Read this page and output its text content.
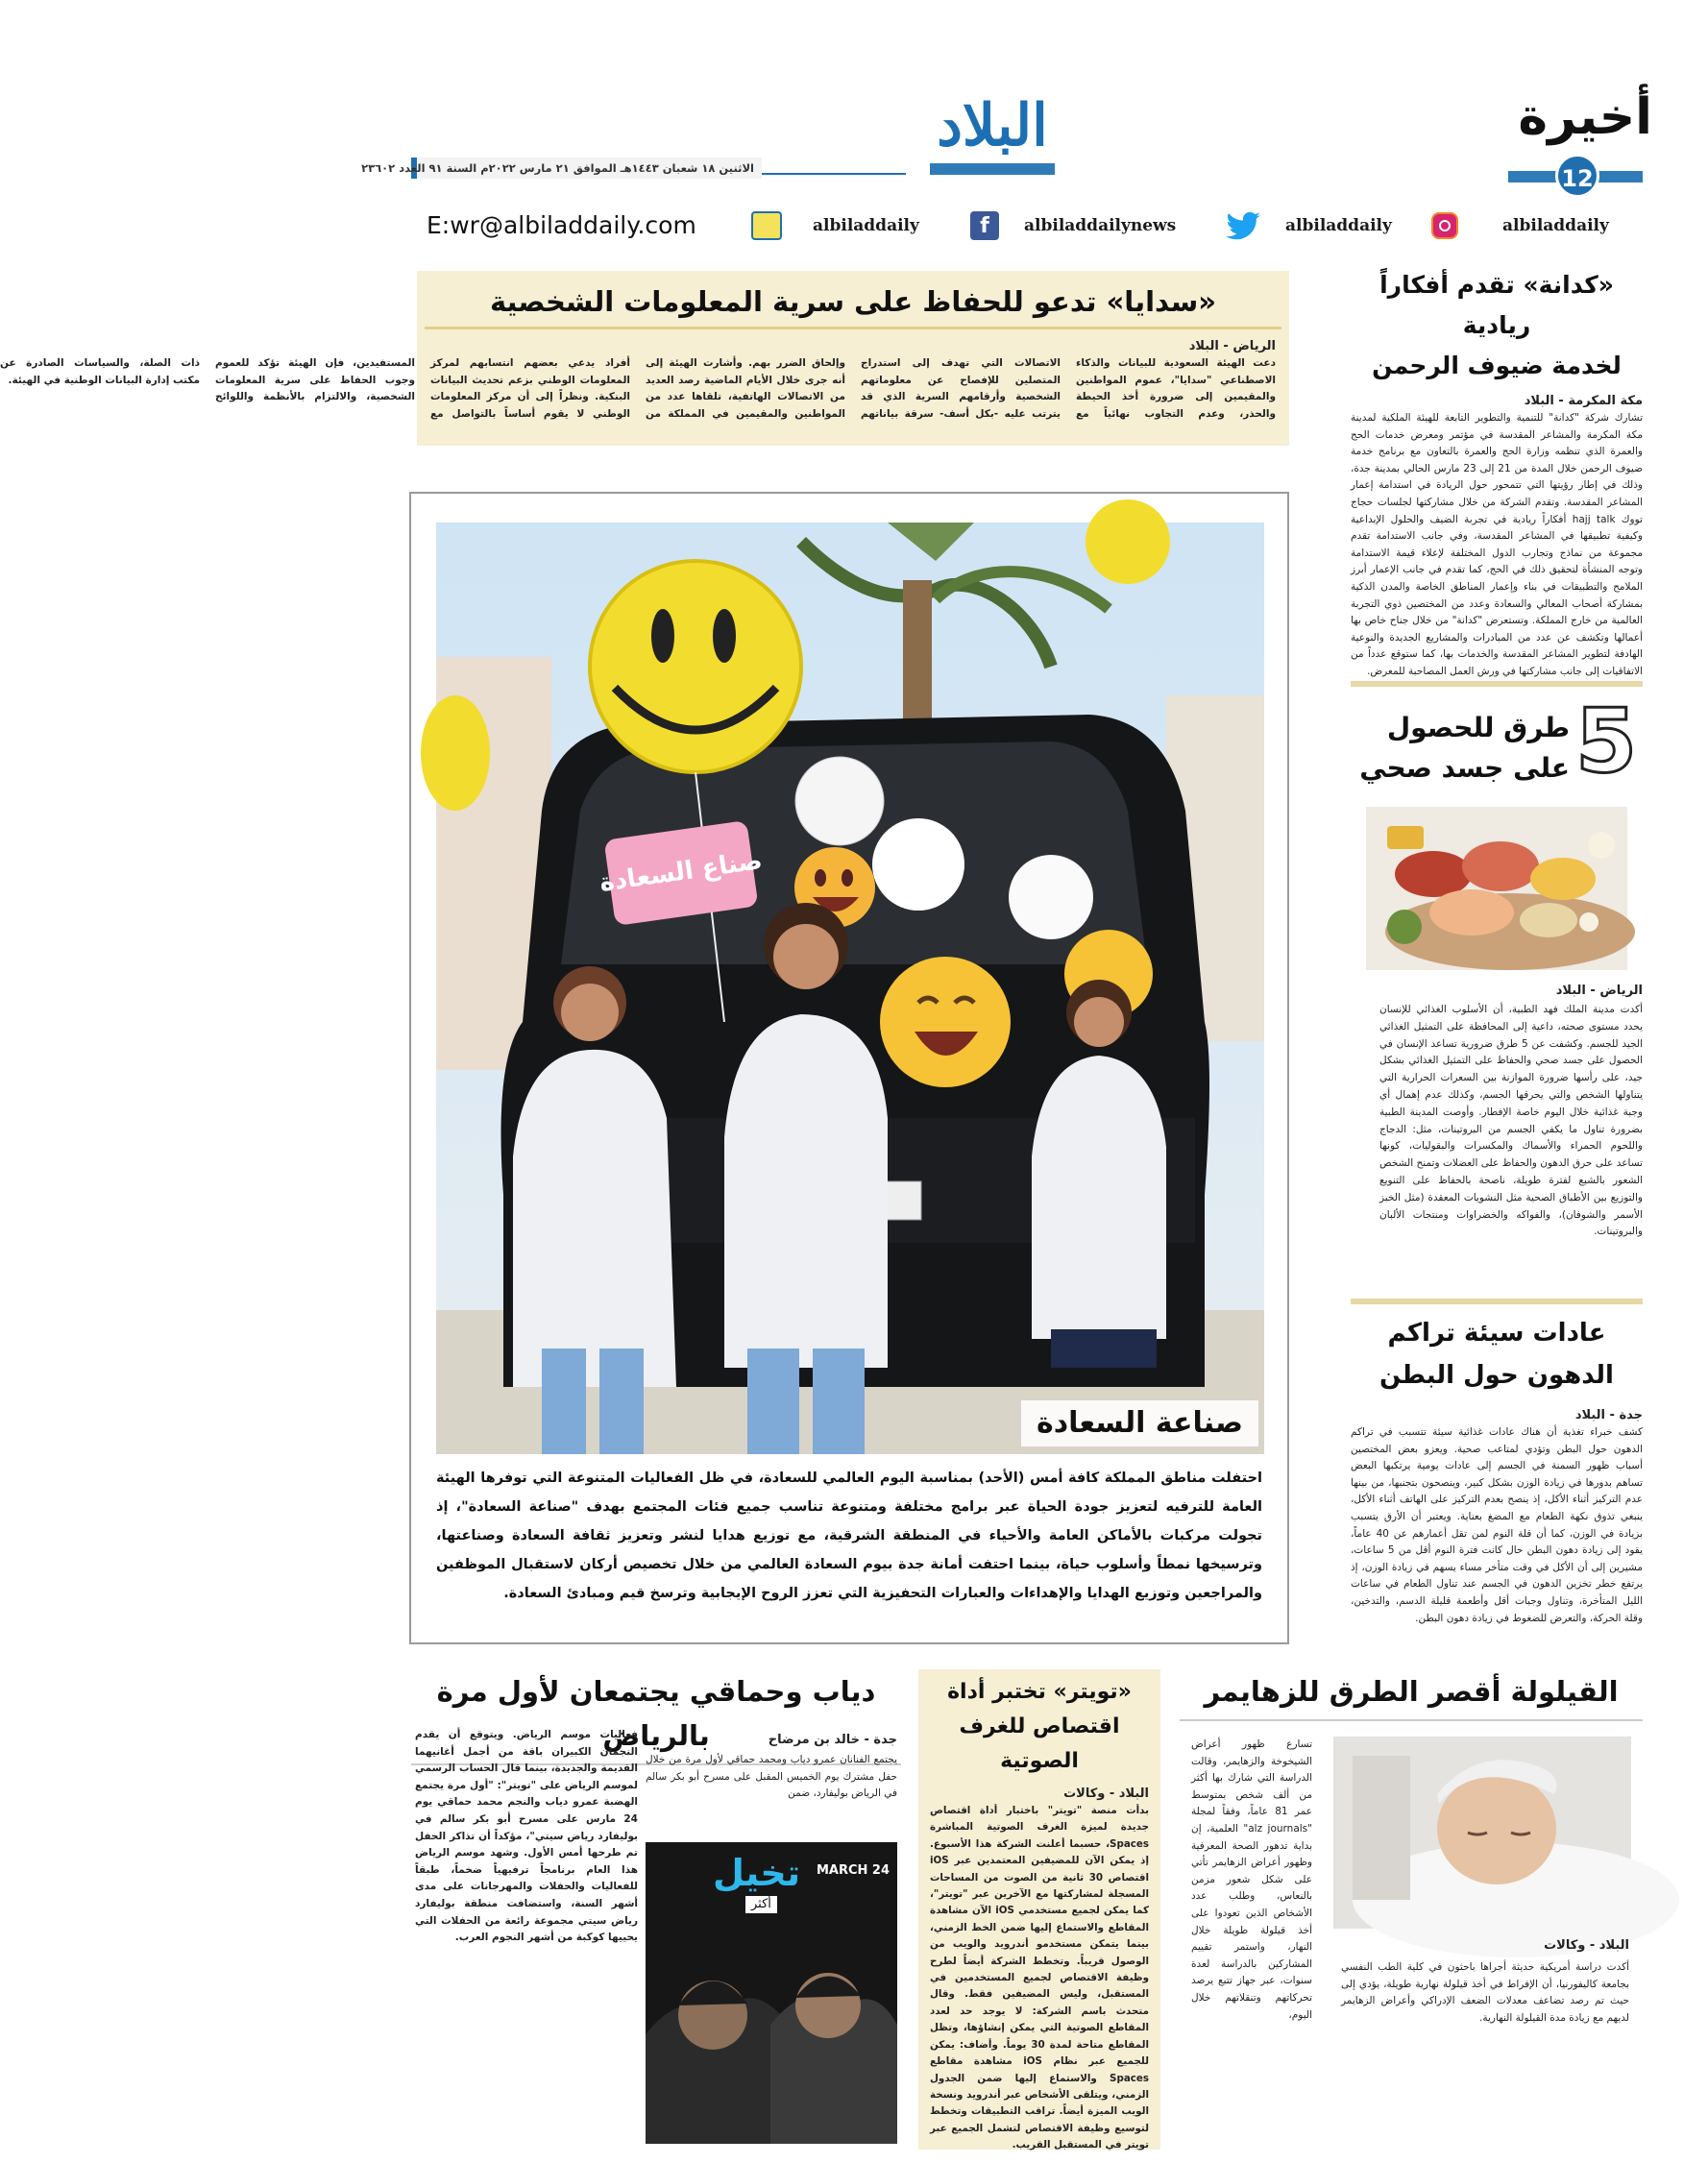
أخيرة
12
البلاد
الاثنين ١٨ شعبان ١٤٤٣هـ الموافق ٢١ مارس ٢٠٢٢م السنة ٩١ العدد ٢٣٦٠٢
E:wr@albiladdaily.com	albiladdaily	f	albiladdailynews	albiladdaily	albiladdaily
«كدانة» تقدم أفكاراً ريادية
لخدمة ضيوف الرحمن
مكة المكرمة - البلاد
تشارك شركة "كدانة" للتنمية والتطوير التابعة للهيئة الملكية لمدينة مكة المكرمة والمشاعر المقدسة في مؤتمر ومعرض خدمات الحج والعمرة الذي تنظمه وزارة الحج والعمرة بالتعاون مع برنامج خدمة ضيوف الرحمن خلال المدة من 21 إلى 23 مارس الحالي بمدينة جدة، وذلك في إطار رؤيتها التي تتمحور حول الريادة في استدامة إعمار المشاعر المقدسة. وتقدم الشركة من خلال مشاركتها لجلسات حجاج تووك hajj talk أفكاراً ريادية في تجربة الضيف والحلول الإبداعية وكيفية تطبيقها في المشاعر المقدسة، وفي جانب الاستدامة تقدم مجموعة من نماذج وتجارب الدول المختلفة لإعلاء قيمة الاستدامة وتوجه المنشأة لتحقيق ذلك في الحج، كما تقدم في جانب الإعمار أبرز الملامح والتطبيقات في بناء وإعمار المناطق الخاصة والمدن الذكية بمشاركة أصحاب المعالي والسعادة وعدد من المختصين ذوي التجربة العالمية من خارج المملكة. وتستعرض "كدانة" من خلال جناح خاص بها أعمالها وتكشف عن عدد من المبادرات والمشاريع الجديدة والنوعية الهادفة لتطوير المشاعر المقدسة والخدمات بها، كما ستوقع عدداً من الاتفاقيات إلى جانب مشاركتها في ورش العمل المصاحبة للمعرض.
5
طرق للحصول
على جسد صحي
الرياض - البلاد
أكدت مدينة الملك فهد الطبية، أن الأسلوب الغذائي للإنسان يحدد مستوى صحته، داعية إلى المحافظة على التمثيل الغذائي الجيد للجسم. وكشفت عن 5 طرق ضرورية تساعد الإنسان في الحصول على جسد صحي والحفاظ على التمثيل الغذائي بشكل جيد، على رأسها ضرورة الموازنة بين السعرات الحرارية التي يتناولها الشخص والتي يحرقها الجسم، وكذلك عدم إهمال أي وجبة غذائية خلال اليوم خاصة الإفطار. وأوصت المدينة الطبية بضرورة تناول ما يكفي الجسم من البروتينات، مثل: الدجاج واللحوم الحمراء والأسماك والمكسرات والبقوليات، كونها تساعد على حرق الدهون والحفاظ على العضلات وتمنح الشخص الشعور بالشبع لفترة طويلة، ناصحة بالحفاظ على التنويع والتوزيع بين الأطباق الصحية مثل النشويات المعقدة (مثل الخبز الأسمر والشوفان)، والفواكه والخضراوات ومنتجات الألبان والبروتينات.
عادات سيئة تراكم
الدهون حول البطن
جدة - البلاد
كشف خبراء تغذية أن هناك عادات غذائية سيئة تتسبب في تراكم الدهون حول البطن وتؤدي لمتاعب صحية. ويعزو بعض المختصين أسباب ظهور السمنة في الجسم إلى عادات يومية يرتكبها البعض تساهم بدورها في زيادة الوزن بشكل كبير، وينصحون بتجنبها، من بينها عدم التركيز أثناء الأكل، إذ ينصح بعدم التركيز على الهاتف أثناء الأكل، ينبغي تذوق نكهة الطعام مع المضغ بعناية. ويعتبر أن الأرق يتسبب بزيادة في الوزن، كما أن قلة النوم لمن تقل أعمارهم عن 40 عاماً، يقود إلى زيادة دهون البطن حال كانت فترة النوم أقل من 5 ساعات، مشيرين إلى أن الأكل في وقت متأخر مساء يسهم في زيادة الوزن، إذ يرتفع خطر تخزين الدهون في الجسم عند تناول الطعام في ساعات الليل المتأخرة، وتناول وجبات أقل وأطعمة قليلة الدسم، والتدخين، وقلة الحركة، والتعرض للضغوط في زيادة دهون البطن.
«سدايا» تدعو للحفاظ على سرية المعلومات الشخصية
الرياض - البلاد
دعت الهيئة السعودية للبيانات والذكاء الاصطناعي "سدايا"، عموم المواطنين والمقيمين إلى ضرورة أخذ الحيطة والحذر، وعدم التجاوب نهائياً مع الاتصالات التي تهدف إلى استدراج المتصلين للإفصاح عن معلوماتهم الشخصية وأرقامهم السرية الذي قد يترتب عليه -بكل أسف- سرقة بياناتهم وإلحاق الضرر بهم. وأشارت الهيئة إلى أنه جرى خلال الأيام الماضية رصد العديد من الاتصالات الهاتفية، تلقاها عدد من المواطنين والمقيمين في المملكة من أفراد يدعي بعضهم انتسابهم لمركز المعلومات الوطني بزعم تحديث البيانات البنكية. ونظراً إلى أن مركز المعلومات الوطني لا يقوم أساساً بالتواصل مع المستفيدين، فإن الهيئة تؤكد للعموم وجوب الحفاظ على سرية المعلومات الشخصية، والالتزام بالأنظمة واللوائح ذات الصلة، والسياسات الصادرة عن مكتب إدارة البيانات الوطنية في الهيئة.
صناع السعادة
صناعة السعادة
احتفلت مناطق المملكة كافة أمس (الأحد) بمناسبة اليوم العالمي للسعادة، في ظل الفعاليات المتنوعة التي توفرها الهيئة العامة للترفيه لتعزيز جودة الحياة عبر برامج مختلفة ومتنوعة تناسب جميع فئات المجتمع بهدف "صناعة السعادة"، إذ تجولت مركبات بالأماكن العامة والأحياء في المنطقة الشرقية، مع توزيع هدايا لنشر وتعزيز ثقافة السعادة وصناعتها، وترسيخها نمطاً وأسلوب حياة، بينما احتفت أمانة جدة بيوم السعادة العالمي من خلال تخصيص أركان لاستقبال الموظفين والمراجعين وتوزيع الهدايا والإهداءات والعبارات التحفيزية التي تعزز الروح الإيجابية وترسخ قيم ومبادئ السعادة.
القيلولة أقصر الطرق للزهايمر
تسارع ظهور أعراض الشيخوخة والزهايمر، وقالت الدراسة التي شارك بها أكثر من ألف شخص بمتوسط عمر 81 عاماً، وفقاً لمجلة "alz journals" العلمية، إن بداية تدهور الصحة المعرفية وظهور أعراض الزهايمر تأتي على شكل شعور مزمن بالنعاس، وطلب عدد الأشخاص الذين تعودوا على أخذ قيلولة طويلة خلال النهار، واستمر تقييم المشاركين بالدراسة لعدة سنوات، عبر جهاز تتبع يرصد تحركاتهم وتنقلاتهم خلال اليوم،
البلاد - وكالات
أكدت دراسة أمريكية حديثة أجراها باحثون في كلية الطب النفسي بجامعة كاليفورنيا، أن الإفراط في أخذ قيلولة نهارية طويلة، يؤدي إلى حيث تم رصد تضاعف معدلات الضعف الإدراكي وأعراض الزهايمر لديهم مع زيادة مدة القيلولة النهارية.
«تويتر» تختبر أداة
اقتصاص للغرف الصوتية
البلاد - وكالات
بدأت منصة "تويتر" باختبار أداة اقتصاص جديدة لميزة الغرف الصوتية المباشرة Spaces، حسبما أعلنت الشركة هذا الأسبوع. إذ يمكن الآن للمضيفين المعتمدين عبر iOS اقتصاص 30 ثانية من الصوت من المساحات المسجلة لمشاركتها مع الآخرين عبر "تويتر"، كما يمكن لجميع مستخدمي iOS الآن مشاهدة المقاطع والاستماع إليها ضمن الخط الزمني، بينما يتمكن مستخدمو أندرويد والويب من الوصول قريباً. وتخطط الشركة أيضاً لطرح وظيفة الاقتصاص لجميع المستخدمين في المستقبل، وليس المضيفين فقط. وقال متحدث باسم الشركة: لا يوجد حد لعدد المقاطع الصوتية التي يمكن إنشاؤها، وتظل المقاطع متاحة لمدة 30 يوماً. وأضاف: يمكن للجميع عبر نظام iOS مشاهدة مقاطع Spaces والاستماع إليها ضمن الجدول الزمني، ويتلقى الأشخاص عبر أندرويد ونسخة الويب الميزة أيضاً. تراقب التطبيقات وتخطط لتوسيع وظيفة الاقتصاص لتشمل الجميع عبر تويتر في المستقبل القريب.
دياب وحماقي يجتمعان لأول مرة بالرياض	جدة - خالد بن مرضاح
يجتمع الفنانان عمرو دياب ومحمد حماقي لأول مرة من خلال حفل مشترك يوم الخميس المقبل على مسرح أبو بكر سالم في الرياض بوليفارد، ضمن
فعاليات موسم الرياض. ويتوقع أن يقدم النجمان الكبيران باقة من أجمل أغانيهما القديمة والجديدة، بينما قال الحساب الرسمي لموسم الرياض على "تويتر": "أول مرة يجتمع الهضبة عمرو دياب والنجم محمد حماقي يوم 24 مارس على مسرح أبو بكر سالم في بوليفارد رياض سيتي"، مؤكداً أن تذاكر الحفل تم طرحها أمس الأول. وشهد موسم الرياض هذا العام برنامجاً ترفيهياً ضخماً، طبقاً للفعاليات والحفلات والمهرجانات على مدى أشهر السنة، واستضافت منطقة بوليفارد رياض سيتي مجموعة رائعة من الحفلات التي يحييها كوكبة من أشهر النجوم العرب.
تخيل
أكثر
MARCH 24
